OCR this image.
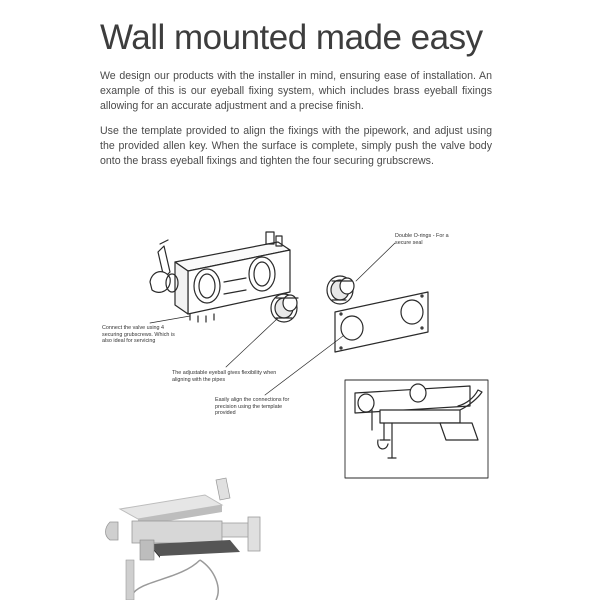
Wall mounted made easy
We design our products with the installer in mind, ensuring ease of installation. An example of this is our eyeball fixing system, which includes brass eyeball fixings allowing for an accurate adjustment and a precise finish.
Use the template provided to align the fixings with the pipework, and adjust using the provided allen key. When the surface is complete, simply push the valve body onto the brass eyeball fixings and tighten the four securing grubscrews.
Double O-rings - For a secure seal
Connect the valve using 4 securing grubscrews. Which is also ideal for servicing
The adjustable eyeball gives flexibility when aligning with the pipes
Easily align the connections for precision using the template provided
